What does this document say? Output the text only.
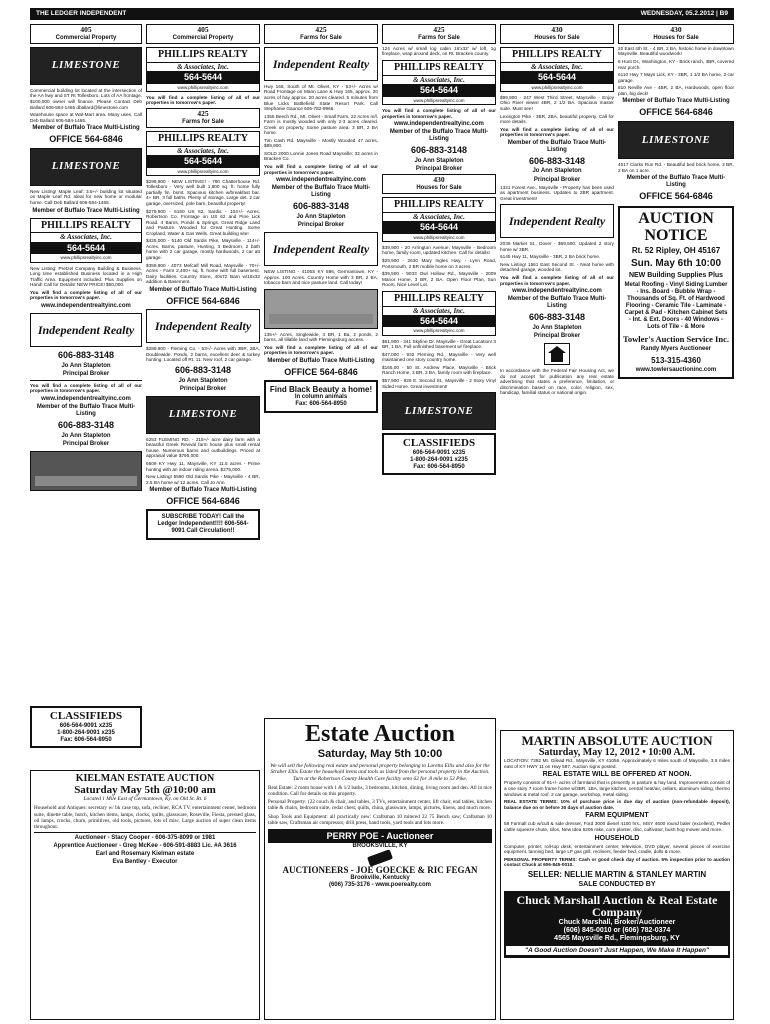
THE LEDGER INDEPENDENT	WEDNESDAY, 05.2.2012 | B9
405
Commercial Property
LIMESTONE

Commercial building lot located at the intersection of the AA hwy and ST Rt Tollesboro. Lots of AA frontage. $100,000 owner will finance. Please Contact Deb Ballard 606-584-1465 dballard@limestone.com

Warehouse space at Wal-Mart area. Many uses. Call Deb Ballard 606-584-1465.

Member of Buffalo Trace Multi-Listing

OFFICE 564-6846

LIMESTONE

New Listing! Maple Leaf: 3.5+/- building lot situated on Maple Leaf Rd. Ideal for new home or modular home. Call Deb Ballard 606-584-1465.

Member of Buffalo Trace Multi-Listing

PHILLIPS REALTY
& Associates, Inc.
564-5644
www.phillipsrealtyinc.com

New Listing: Pretzel Company Building & Business. Long time established Business located in a High Traffic Area. Equipment included. Plus Supplies on Hand! Call for Details! NEW PRICE! $50,000.

You will find a complete listing of all of our properties in tomorrow's paper.

www.independentrealtyinc.com

Independent Realty

606-883-3148

Jo Ann Stapleton

Principal Broker

You will find a complete listing of all of our properties in tomorrow's paper.

www.independentrealtyinc.com

Member of the Buffalo Trace Multi-Listing

606-883-3148

Jo Ann Stapleton

Principal Broker

CLASSIFIEDS
606-564-9091 x235
1-800-264-9091 x235
Fax: 606-564-8950
405
Commercial Property
PHILLIPS REALTY
& Associates, Inc.
564-5644
www.phillipsrealtyinc.com

You will find a complete listing of all of our properties in tomorrow's paper.

425
Farms for Sale
PHILLIPS REALTY
& Associates, Inc.
564-5644
www.phillipsrealtyinc.com

$299,900 - NEW LISTING!! - 790 Chatterhouse Rd. Tollesboro - Very well built 1,800 sq. ft. home fully partially fin. bsmt. Spacious kitchen w/breakfast bar. 4+ BR, 3 full baths. Plenty of storage. Large det. 2 car garage, oversized, pole barn, beautiful property!

$279,900 - 5150 US 62, Sardis - 104+/- Acres. Robertson Co. Frontage on US 62 and Pine Lick Road. 4 Barns, Ponds & Springs. Great Ridge Land and Pasture. Wooded for Great Hunting. Some Cropland, Water & Gas Wells. Great building site!

$425,000 - 5140 Old Sardis Pike, Maysville - 114+/- Acres. Barns, pasture, Hunting, 3 Bedroom, 2 bath home with 2 car garage, mostly hardwoods, 2 car att garage.

$359,900 - 4073 Mefcalf Mill Road, Maysville - 70+/- Acres - Farm 2,400+ sq. ft. home with full basement. Dairy facilities. Country Store, 40x72 Barn w/16x32 addition & Basement.

Member of Buffalo Trace Multi-Listing

OFFICE 564-6846

Independent Realty

$289,900 - Fleming Co. - 53+/- Acres with 3BR, 2BA, Doublewide. Ponds, 2 barns, excellent deer & turkey hunting. Located off Rt. 11. New roof, 2 car garage.

606-883-3148

Jo Ann Stapleton

Principal Broker

LIMESTONE

6253 FLEMING RD. - 215+/- acre dairy farm with a beautiful Greek Revival farm house plus small rental house. Numerous barns and outbuildings. Priced at appraisal value $795,000.

6609 KY Hwy 11, Maysville, KY 11.5 acres - Prime hunting with an indoor riding arena. $275,000.

New Listing! 5590 Old Sardis Pike - Maysville - 4 BR, 2.5 BA home w/ 12 acres. Call Jo Ann.

Member of Buffalo Trace Multi-Listing

OFFICE 564-6846

SUBSCRIBE TODAY! Call the Ledger Independent!!!! 606-564-9091 Call Circulation!!
425
Farms for Sale
Independent Realty

Hwy 165, South of Mt. Olivet, KY - 53+/- Acres w/ Road Frontage on Mann Lane & Hwy 165, approx. 20 acres of hay approx. 20 acres cleared. 5 minutes from Blue Licks Battlefield State Resort Park. Call Stephanie Gaunce 606-782-9966.

1355 Beech Rd., Mt. Olivet - Small Farm, 22 Acres m/l. Farm is mostly wooded with only 2-3 acres cleared. Creek on property. Some pasture area. 3 BR, 2 BA home.

Tim Cash Rd. Maysville - Mostly Wooded 47 acres, $89,900.

SOLD 2000 Lonnie Jones Road Maysville: 32 acres in Bracken Co.

You will find a complete listing of all of our properties in tomorrow's paper.

www.independentrealtyinc.com

Member of the Buffalo Trace Multi-Listing

606-883-3148

Jo Ann Stapleton

Principal Broker

Independent Realty

NEW LISTING - 4105S KY 596, Germantown, KY - Approx. 100 Acres. Country Home with 3 BR, 2 BA, tobacco barn and nice pasture land. Call today!

135+/- Acres, Singlewide, 3 BR, 1 Ba, 2 ponds, 2 barns, all tillable land with Flemingsburg access.

You will find a complete listing of all of our properties in tomorrow's paper.

Member of Buffalo Trace Multi-Listing

OFFICE 564-6846

Find Black Beauty a home!
In column animals
Fax: 606-564-8950
425
Farms for Sale

124 Acres w/ small log cabin 16'x32' w/ loft, 1g fireplace, wrap around deck, on Rt. Bracken county.

PHILLIPS REALTY
& Associates, Inc.
564-5644
www.phillipsrealtyinc.com

You will find a complete listing of all of our properties in tomorrow's paper.

www.independentrealtyinc.com

Member of the Buffalo Trace Multi-Listing

606-883-3148

Jo Ann Stapleton

Principal Broker

430
Houses for Sale
PHILLIPS REALTY
& Associates, Inc.
564-5644
www.phillipsrealtyinc.com

$39,900 - 20 Arrington Avenue, Maysville - Bedroom home, family room, updated kitchen. Call for details!

$29,900 - 2630 Mary Ingles Hwy. - Lynn Road, Portsmouth, 2 BR mobile home on 3 acres.

$39,500 - 9033 Owl Hollow Rd., Maysville - 2009 Manor Home, 3 BR, 2 BA, Open Floor Plan, Sun Room. Nice Level Lot.

PHILLIPS REALTY
& Associates, Inc.
564-5644
www.phillipsrealtyinc.com

$61,900 - 341 Skyline Dr. Maysville - Great Location! 3 BR, 1 BA, Full unfinished basement w/ fireplace.

$47,000 - 932 Fleming Rd., Maysville - Very well maintained one story country home.

$165,00 - 50 St. Andrew Place, Maysville - Brick Ranch Home, 3 BR, 2 BA, family room with fireplace.

$57,900 - 926 E. Second St., Maysville - 2 Story Vinyl Sided Home. Great investment!

LIMESTONE
CLASSIFIEDS
606-564-9091 x235
1-800-264-9091 x235
Fax: 606-564-8950
430
Houses for Sale
PHILLIPS REALTY
& Associates, Inc.
564-5644
www.phillipsrealtyinc.com

$99,900 - 247 West Third Street, Maysville - Enjoy Ohio River views! 4BR, 2 1/2 BA. Spacious master suite. Must see!

Lexington Pike - 3BR, 2BA, beautiful property. Call for more details.

You will find a complete listing of all of our properties in tomorrow's paper.

Member of the Buffalo Trace Multi-Listing

606-883-3148

Jo Ann Stapleton

Principal Broker

1321 Forest Ave., Maysville - Property has been used as apartment business. Updates to 2BR apartment. Great investment!

Independent Realty

2039 Market St., Dover - $69,500. Updated 2 story home w/ 3BR.

6145 Hwy 11, Maysville - 3BR, 2 BA brick home.

New Listing! 1561 East Second St. - Neat home with detached garage, wooded lot.

You will find a complete listing of all of our properties in tomorrow's paper.

www.independentrealtyinc.com

Member of the Buffalo Trace Multi-Listing

606-883-3148

Jo Ann Stapleton

Principal Broker

In accordance with the Federal Fair Housing Act, we do not accept for publication any real estate advertising that states a preference, limitation, or discrimination based on race, color, religion, sex, handicap, familial status or national origin.

430
Houses for Sale

20 East 4th St. - 4 BR, 2 BA, historic home in downtown Maysville. Beautiful woodwork!

6 Hunt Dr., Washington, KY - Brick ranch, 3BR, covered rear porch.

6110 Hwy 7 Mays Lick, KY - 3BR, 1 1/2 BA home, 2 car garage.

810 Neville Ave - 4BR, 2 BA, Hardwoods, open floor plan, big deck!

Member of Buffalo Trace Multi-Listing

OFFICE 564-6846

LIMESTONE

4017 Clarks Run Rd. - Beautiful bed brick home, 3 BR, 2 BA on 1 acre.

Member of the Buffalo Trace Multi-Listing

OFFICE 564-6846

AUCTION NOTICE
Rt. 52 Ripley, OH 45167
Sun. May 6th 10:00
NEW Building Supplies Plus
Metal Roofing - Vinyl Siding Lumber - Ins. Board - Bubble Wrap - Thousands of Sq. Ft. of Hardwood Flooring - Ceramic Tile - Laminate - Carpet & Pad - Kitchen Cabinet Sets - Int. & Ext. Doors - 40 Windows - Lots of Tile - & More
Towler's Auction Service Inc.
Randy Myers Auctioneer
513-315-4360
www.towlersauctioninc.com
KIELMAN ESTATE AUCTION
Saturday May 5th @10:00 am
Located 1 Mile East of Germantown, Ky. on Old St. Rt. 6

Household and Antiques: secretary w/ bk case top, sofa, recliner, RCA TV, entertainment center, bedroom suite, dinette table, hutch, kitchen items, lamps, clocks, quilts, glassware, Roseville, Fiesta, pressed glass, oil lamps, crocks, churn, primitives, old tools, pictures, lots of misc. Large auction of super clean items throughout.

Auctioneer - Stacy Cooper - 606-375-8099 or 1981

Apprentice Auctioneer - Greg McKee - 606-591-8883 Lic. #A 3616

Earl and Rosemary Kielman estate

Eva Bentley - Executor

Estate Auction
Saturday, May 5th 10:00
We will sell the following real estate and personal property belonging to Loretta Ellis and also for the Straber Ellis Estate the household items and tools as listed from the personal property in the Auction. Turn at the Robertson County Health Care facility onto 62 for .8 mile to 52 Pike.

Real Estate: 2 room house with 1 & 1/2 baths, 3 bedrooms, kitchen, dining, living room and den. All in nice condition. Call for details on this property.

Personal Property: (22 couch & chair, and tables, 3 TVs, entertainment center, lift chair, end tables, kitchen table & chairs, bedroom suite, cedar chest, quilts, china, glassware, lamps, pictures, linens, and much more.

Shop Tools and Equipment: all practically new: Craftsman 10 mitered 22 75 Bench saw; Craftsman 10 table saw, Craftsman air compressor, drill press, hand tools, yard tools and lots more.

PERRY POE - Auctioneer
BROOKSVILLE, KY
AUCTIONEERS - JOE GOECKE & RIC FEGAN
Brookville, Kentucky
(606) 735-3176 - www.poerealty.com
MARTIN ABSOLUTE AUCTION
Saturday, May 12, 2012 • 10:00 A.M.

LOCATION: 7392 Mt. Gilead Rd., Maysville, KY 41056. Approximately 6 miles south of Maysville, 3.5 miles east of KY HWY 11 on Hwy 597. Auction signs posted.

REAL ESTATE WILL BE OFFERED AT NOON.

Property consists of 91+/- acres of farmland that is presently in pasture & hay land. Improvements consist of a one story 7 room frame home w/3BR, 1BA, large kitchen, central heat/air, cellars, aluminum siding, thermo windows & metal roof. 2 car garage, workshop, metal siding.

REAL ESTATE TERMS: 10% of purchase price is due day of auction (non-refundable deposit), balance due on or before 30 days of auction date.

FARM EQUIPMENT

58 Farmall cub w/cult & side dresser, Ford 3000 diesel 4100 hrs., MSY 4600 round baler (excellent), Pedlet cattle squeeze chute, silos, New Idea 5206 rake, corn planter, disc, cultivator, bush hog mower and more.

HOUSEHOLD

Computer, printer, roll-top desk, entertainment center, television, DVD player, several pieces of exercise equipment, tanning bed, large LP gas grill, recliners, feeder bed, cradle, dolls & more.

PERSONAL PROPERTY TERMS: Cash or good check day of auction. 5% inspection prior to auction contact Chuck at 606-845-0010.

SELLER: NELLIE MARTIN & STANLEY MARTIN
SALE CONDUCTED BY
Chuck Marshall Auction & Real Estate Company
Chuck Marshall, Broker/Auctioneer
(606) 845-0010 or (606) 782-0374
4565 Maysville Rd., Flemingsburg, KY
"A Good Auction Doesn't Just Happen, We Make It Happen"
